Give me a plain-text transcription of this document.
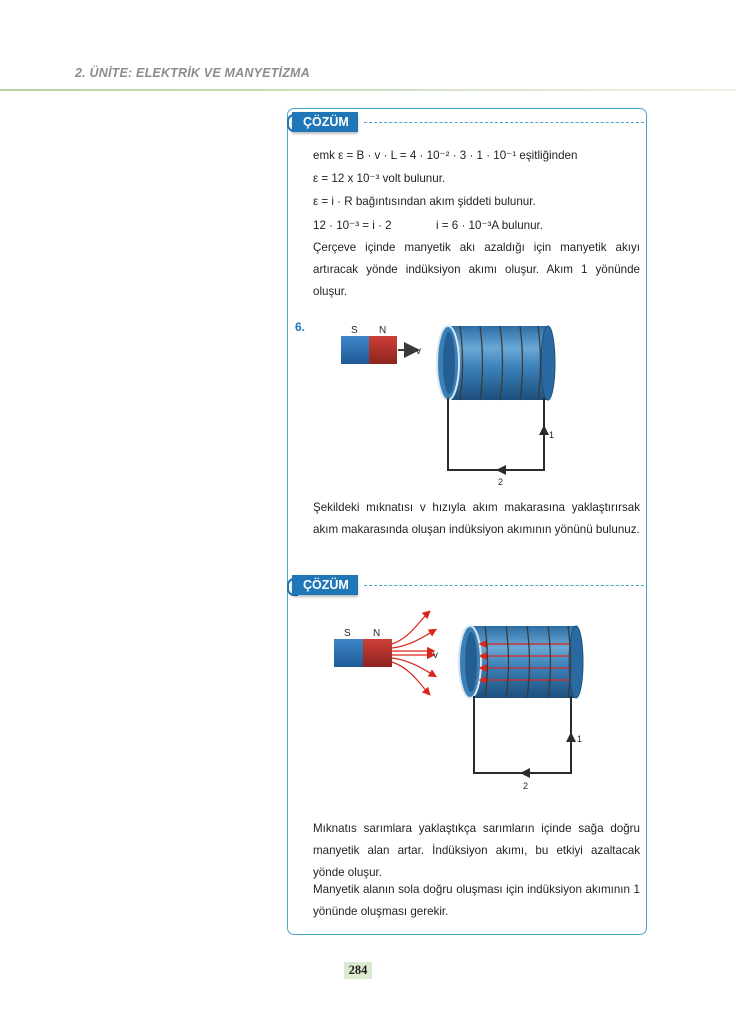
2. ÜNİTE: ELEKTRİK VE MANYETİZMA
ÇÖZÜM
emk ε = B · v · L = 4 · 10⁻² · 3 · 1 · 10⁻¹ eşitliğinden
ε = 12 x 10⁻³ volt bulunur.
ε = i · R bağıntısından akım şiddeti bulunur.
12 · 10⁻³ = i · 2	i = 6 · 10⁻³A bulunur.
Çerçeve içinde manyetik akı azaldığı için manyetik akıyı artıracak yönde indüksiyon akımı oluşur. Akım 1 yönünde oluşur.
6.	S N
v
1
2
Şekildeki mıknatısı v hızıyla akım makarasına yaklaştırırsak akım makarasında oluşan indüksiyon akımının yönünü bulunuz.
ÇÖZÜM
S N
v
1
2
Mıknatıs sarımlara yaklaştıkça sarımların içinde sağa doğru manyetik alan artar. İndüksiyon akımı, bu etkiyi azaltacak yönde oluşur.
Manyetik alanın sola doğru oluşması için indüksiyon akımının 1 yönünde oluşması gerekir.
284
